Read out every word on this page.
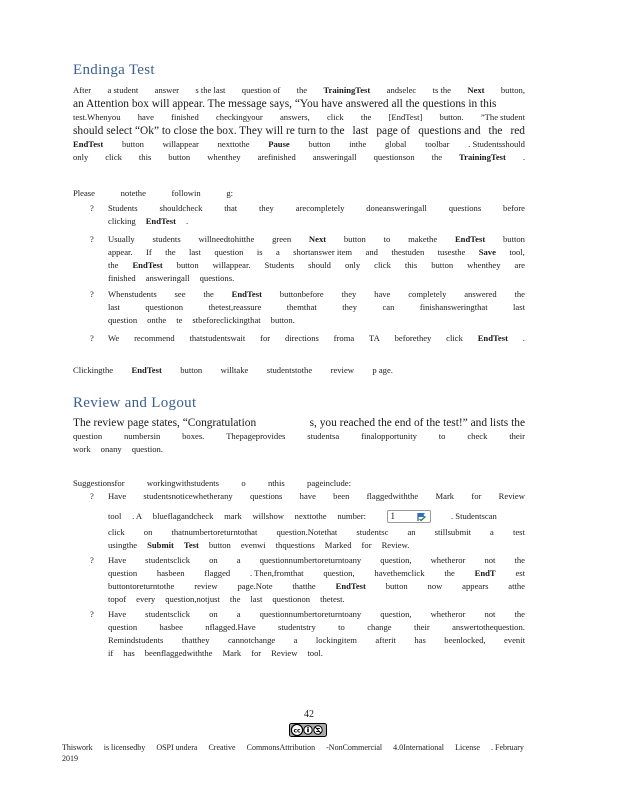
Endinga Test
After a student answer s the last question of the TrainingTest andselec ts the Next button,
an Attention box will appear. The message says, “You have answered all the questions in this
test.Whenyou have finished checkingyour answers, click the [EndTest] button. ”The student
should select “Ok” to close the box. They will re turn to the last page of questions and the red
EndTest button willappear nexttothe Pause button inthe global toolbar . Studentsshould
only click this button whenthey arefinished answeringall questionson the TrainingTest .
Please	notethe	followin	g:
? Students	shouldcheck	that	they	arecompletely	doneansweringall	questions	before
clicking EndTest .
? Usually students willneedtohitthe green Next button to makethe EndTest button
appear. If the last question is a shortanswer item and thestuden tusesthe Save tool,
the EndTest button willappear. Students should only click this button whenthey are
finished answeringall questions.
? Whenstudents see the EndTest buttonbefore they have completely answered the
last	questionon	thetest,reassure	themthat	they	can	finishansweringthat	last
question onthe te stbeforeclickingthat button.
? We recommend thatstudentswait for directions froma TA beforethey click EndTest .
Clickingthe EndTest button willtake studentstothe review p age.
Review and Logout
The review page states, “Congratulation	s, you reached the end of the test!” and lists the
question	numbersin	boxes.	Thepageprovides	studentsa	finalopportunity	to	check	their
work onany question.
Suggestionsfor	workingwithstudents	o	nthis	pageinclude:
? Have studentsnoticewhetherany questions have been flaggedwiththe Mark for Review
tool . A blueflagandcheck mark willshow nexttothe number:	1	. Studentscan
click on thatnumbertoreturntothat question.Notethat studentsc an stillsubmit a test
usingthe Submit Test button evenwi thquestions Marked for Review.
? Have studentsclick on a questionnumbertoreturntoany question, whetheror not the
question hasbeen flagged . Then,fromthat question, havethemclick the EndT est
buttontoreturntothe review page.Note thatthe EndTest button now appears atthe
topof every question,notjust the last questionon thetest.
? Have studentsclick on a questionnumbertoreturntoany question, whetheror not the
question	hasbee	nflagged.Have	studentstry	to	change	their	answertothequestion.
Remindstudents thatthey cannotchange a lockingitem afterit has beenlocked, evenit
if has beenflaggedwiththe Mark for Review tool.
42
cc
Thiswork is licensedby OSPI undera Creative CommonsAttribution -NonCommercial 4.0International License . February
2019
